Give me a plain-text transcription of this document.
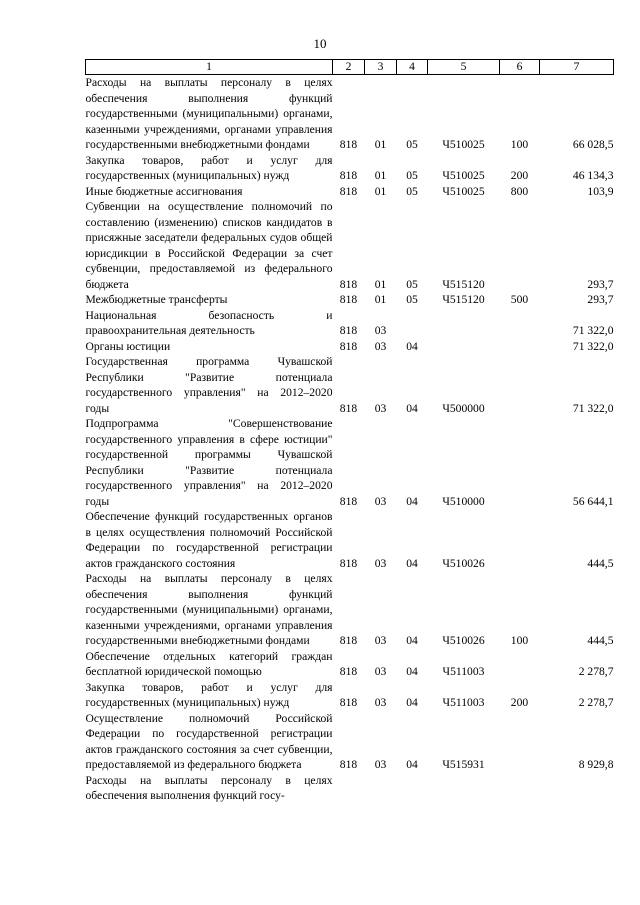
10
1	2	3	4	5	6	7
Расходы на выплаты персоналу в целях обеспечения выполнения функций государственными (муниципальными) органами, казенными учреждениями, органами управления государственными внебюджетными фондами	818	01	05	Ч510025	100	66 028,5
Закупка товаров, работ и услуг для государственных (муниципальных) нужд	818	01	05	Ч510025	200	46 134,3
Иные бюджетные ассигнования	818	01	05	Ч510025	800	103,9
Субвенции на осуществление полномочий по составлению (изменению) списков кандидатов в присяжные заседатели федеральных судов общей юрисдикции в Российской Федерации за счет субвенции, предоставляемой из федерального бюджета	818	01	05	Ч515120		293,7
Межбюджетные трансферты	818	01	05	Ч515120	500	293,7
Национальная безопасность и правоохранительная деятельность	818	03				71 322,0
Органы юстиции	818	03	04			71 322,0
Государственная программа Чувашской Республики "Развитие потенциала государственного управления" на 2012–2020 годы	818	03	04	Ч500000		71 322,0
Подпрограмма "Совершенствование государственного управления в сфере юстиции" государственной программы Чувашской Республики "Развитие потенциала государственного управления" на 2012–2020 годы	818	03	04	Ч510000		56 644,1
Обеспечение функций государственных органов в целях осуществления полномочий Российской Федерации по государственной регистрации актов гражданского состояния	818	03	04	Ч510026		444,5
Расходы на выплаты персоналу в целях обеспечения выполнения функций государственными (муниципальными) органами, казенными учреждениями, органами управления государственными внебюджетными фондами	818	03	04	Ч510026	100	444,5
Обеспечение отдельных категорий граждан бесплатной юридической помощью	818	03	04	Ч511003		2 278,7
Закупка товаров, работ и услуг для государственных (муниципальных) нужд	818	03	04	Ч511003	200	2 278,7
Осуществление полномочий Российской Федерации по государственной регистрации актов гражданского состояния за счет субвенции, предоставляемой из федерального бюджета	818	03	04	Ч515931		8 929,8
Расходы на выплаты персоналу в целях обеспечения выполнения функций госу-						
